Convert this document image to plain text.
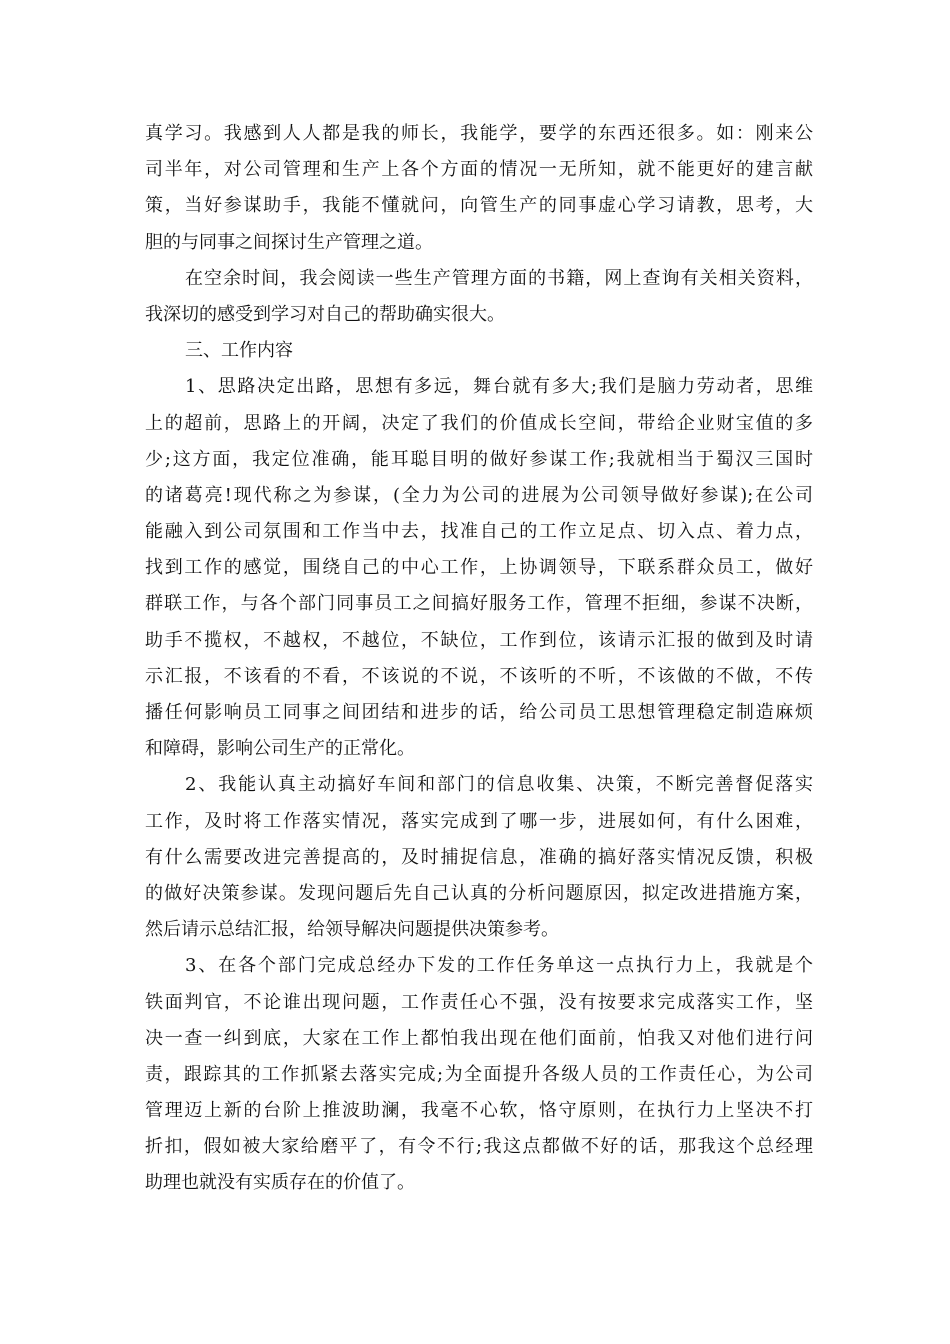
真学习。我感到人人都是我的师长，我能学，要学的东西还很多。如：刚来公
司半年，对公司管理和生产上各个方面的情况一无所知，就不能更好的建言献
策，当好参谋助手，我能不懂就问，向管生产的同事虚心学习请教，思考，大
胆的与同事之间探讨生产管理之道。
在空余时间，我会阅读一些生产管理方面的书籍，网上查询有关相关资料，
我深切的感受到学习对自己的帮助确实很大。
三、工作内容
1、思路决定出路，思想有多远，舞台就有多大;我们是脑力劳动者，思维
上的超前，思路上的开阔，决定了我们的价值成长空间，带给企业财宝值的多
少;这方面，我定位准确，能耳聪目明的做好参谋工作;我就相当于蜀汉三国时
的诸葛亮!现代称之为参谋，(全力为公司的进展为公司领导做好参谋);在公司
能融入到公司氛围和工作当中去，找准自己的工作立足点、切入点、着力点，
找到工作的感觉，围绕自己的中心工作，上协调领导，下联系群众员工，做好
群联工作，与各个部门同事员工之间搞好服务工作，管理不拒细，参谋不决断，
助手不揽权，不越权，不越位，不缺位，工作到位，该请示汇报的做到及时请
示汇报，不该看的不看，不该说的不说，不该听的不听，不该做的不做，不传
播任何影响员工同事之间团结和进步的话，给公司员工思想管理稳定制造麻烦
和障碍，影响公司生产的正常化。
2、我能认真主动搞好车间和部门的信息收集、决策，不断完善督促落实
工作，及时将工作落实情况，落实完成到了哪一步，进展如何，有什么困难，
有什么需要改进完善提高的，及时捕捉信息，准确的搞好落实情况反馈，积极
的做好决策参谋。发现问题后先自己认真的分析问题原因，拟定改进措施方案，
然后请示总结汇报，给领导解决问题提供决策参考。
3、在各个部门完成总经办下发的工作任务单这一点执行力上，我就是个
铁面判官，不论谁出现问题，工作责任心不强，没有按要求完成落实工作，坚
决一查一纠到底，大家在工作上都怕我出现在他们面前，怕我又对他们进行问
责，跟踪其的工作抓紧去落实完成;为全面提升各级人员的工作责任心，为公司
管理迈上新的台阶上推波助澜，我毫不心软，恪守原则，在执行力上坚决不打
折扣，假如被大家给磨平了，有令不行;我这点都做不好的话，那我这个总经理
助理也就没有实质存在的价值了。
